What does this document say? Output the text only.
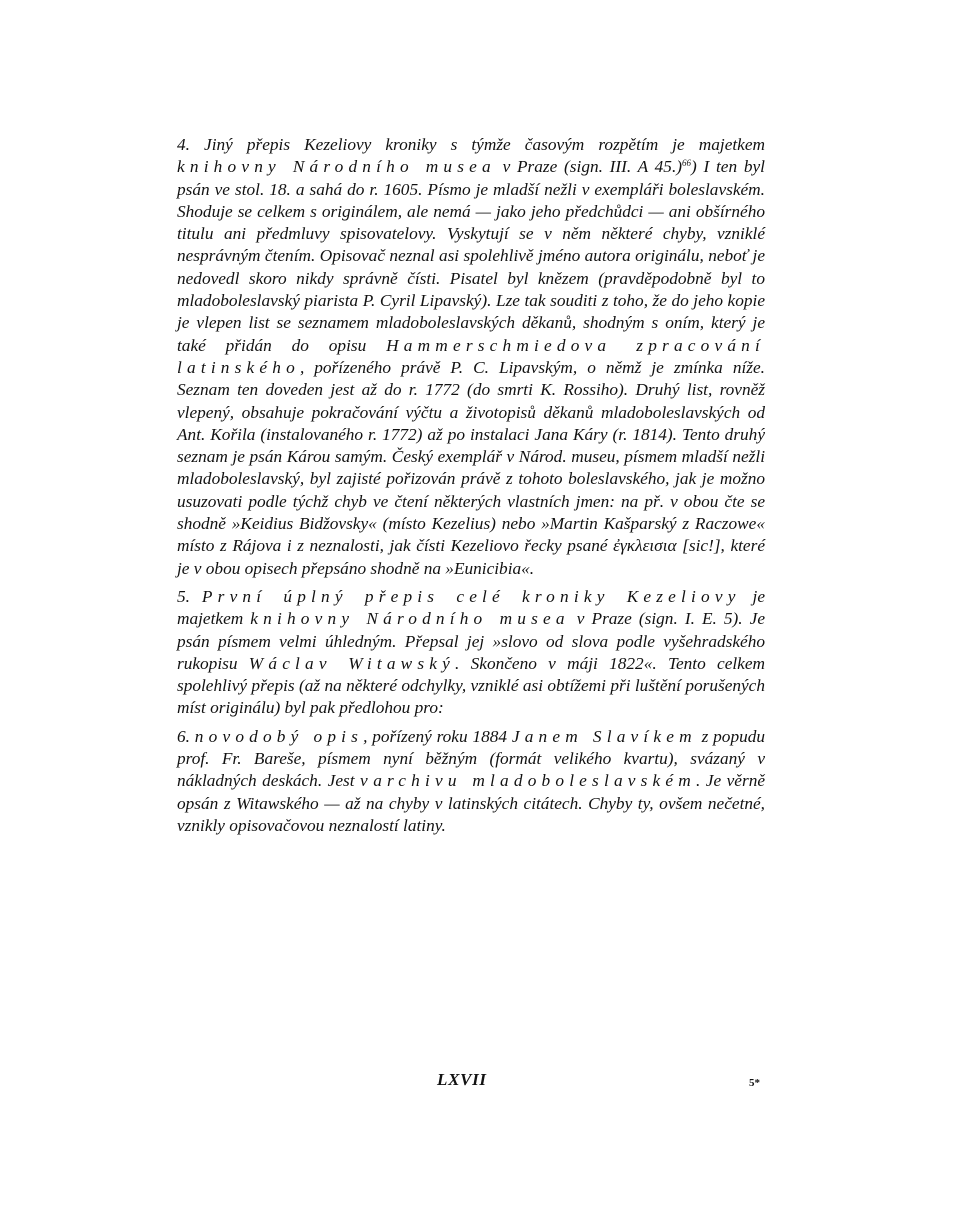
4. Jiný přepis Kezeliovy kroniky s týmže časovým rozpětím je majetkem knihovny Národního musea v Praze (sign. III. A 45.)$^{66}$) I ten byl psán ve stol. 18. a sahá do r. 1605. Písmo je mladší nežli v exempláři boleslavském. Shoduje se celkem s originálem, ale nemá — jako jeho předchůdci — ani obšírného titulu ani předmluvy spisovatelovy. Vyskytují se v něm některé chyby, vzniklé nesprávným čtením. Opisovač neznal asi spolehlivě jméno autora originálu, neboť je nedovedl skoro nikdy správně čísti. Pisatel byl knězem (pravděpodobně byl to mladoboleslavský piarista P. Cyril Lipavský). Lze tak souditi z toho, že do jeho kopie je vlepen list se seznamem mladoboleslavských děkanů, shodným s oním, který je také přidán do opisu Hammerschmiedova zpracování latinského, pořízeného právě P. C. Lipavským, o němž je zmínka níže. Seznam ten doveden jest až do r. 1772 (do smrti K. Rossiho). Druhý list, rovněž vlepený, obsahuje pokračování výčtu a životopisů děkanů mladoboleslavských od Ant. Kořila (instalovaného r. 1772) až po instalaci Jana Káry (r. 1814). Tento druhý seznam je psán Károu samým. Český exemplář v Národ. museu, písmem mladší nežli mladoboleslavský, byl zajisté pořizován právě z tohoto boleslavského, jak je možno usuzovati podle týchž chyb ve čtení některých vlastních jmen: na př. v obou čte se shodně »Keidius Bidžovsky« (místo Kezelius) nebo »Martin Kašparský z Raczowe« místo z Rájova i z neznalosti, jak čísti Kezeliovo řecky psané ἐγκλεισια [sic!], které je v obou opisech přepsáno shodně na »Eunicibia«.

5. První úplný přepis celé kroniky Kezeliovy je majetkem knihovny Národního musea v Praze (sign. I. E. 5). Je psán písmem velmi úhledným. Přepsal jej »slovo od slova podle vyšehradského rukopisu Wáclav Witawský. Skončeno v máji 1822«. Tento celkem spolehlivý přepis (až na některé odchylky, vzniklé asi obtížemi při luštění porušených míst originálu) byl pak předlohou pro:

6. novodobý opis, pořízený roku 1884 Janem Slavíkem z popudu prof. Fr. Bareše, písmem nyní běžným (formát velikého kvartu), svázaný v nákladných deskách. Jest v archivu mladoboleslavském. Je věrně opsán z Witawského — až na chyby v latinských citátech. Chyby ty, ovšem nečetné, vznikly opisovačovou neznalostí latiny.

LXVII	5*
